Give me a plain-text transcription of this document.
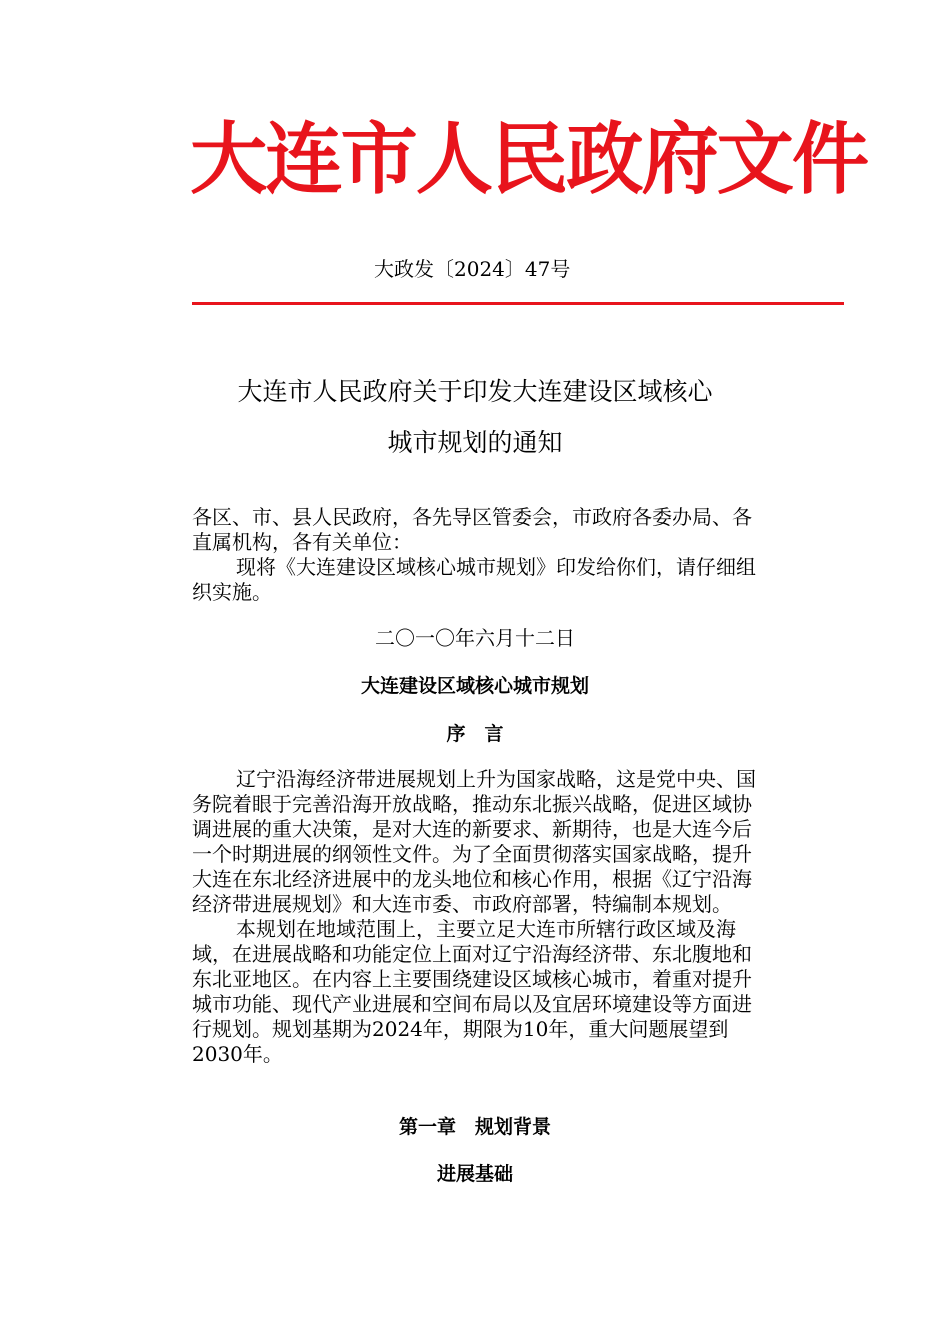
大连市人民政府文件
大政发〔2024〕47号
大连市人民政府关于印发大连建设区域核心
城市规划的通知

各区、市、县人民政府，各先导区管委会，市政府各委办局、各直属机构，各有关单位：

现将《大连建设区域核心城市规划》印发给你们，请仔细组织实施。

二〇一〇年六月十二日
大连建设区域核心城市规划
序　言

辽宁沿海经济带进展规划上升为国家战略，这是党中央、国务院着眼于完善沿海开放战略，推动东北振兴战略，促进区域协调进展的重大决策，是对大连的新要求、新期待，也是大连今后一个时期进展的纲领性文件。为了全面贯彻落实国家战略，提升大连在东北经济进展中的龙头地位和核心作用，根据《辽宁沿海经济带进展规划》和大连市委、市政府部署，特编制本规划。

本规划在地域范围上，主要立足大连市所辖行政区域及海域，在进展战略和功能定位上面对辽宁沿海经济带、东北腹地和东北亚地区。在内容上主要围绕建设区域核心城市，着重对提升城市功能、现代产业进展和空间布局以及宜居环境建设等方面进行规划。规划基期为2024年，期限为10年，重大问题展望到2030年。

第一章　规划背景
进展基础
